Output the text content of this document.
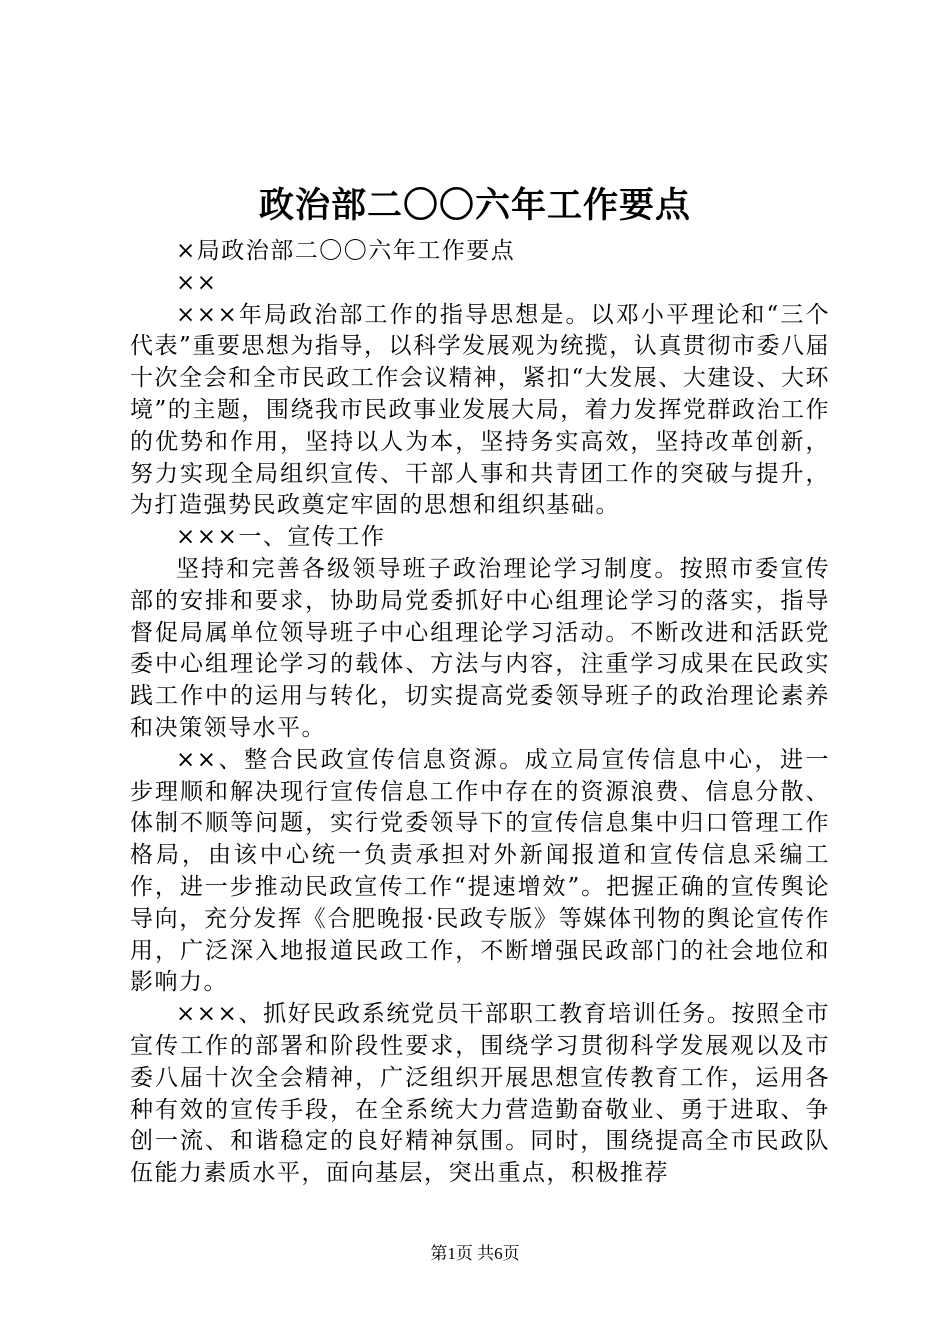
政治部二〇〇六年工作要点

×局政治部二〇〇六年工作要点

××

×××年局政治部工作的指导思想是。以邓小平理论和“三个代表”重要思想为指导，以科学发展观为统揽，认真贯彻市委八届十次全会和全市民政工作会议精神，紧扣“大发展、大建设、大环境”的主题，围绕我市民政事业发展大局，着力发挥党群政治工作的优势和作用，坚持以人为本，坚持务实高效，坚持改革创新，努力实现全局组织宣传、干部人事和共青团工作的突破与提升，为打造强势民政奠定牢固的思想和组织基础。

×××一、宣传工作

坚持和完善各级领导班子政治理论学习制度。按照市委宣传部的安排和要求，协助局党委抓好中心组理论学习的落实，指导督促局属单位领导班子中心组理论学习活动。不断改进和活跃党委中心组理论学习的载体、方法与内容，注重学习成果在民政实践工作中的运用与转化，切实提高党委领导班子的政治理论素养和决策领导水平。

××、整合民政宣传信息资源。成立局宣传信息中心，进一步理顺和解决现行宣传信息工作中存在的资源浪费、信息分散、体制不顺等问题，实行党委领导下的宣传信息集中归口管理工作格局，由该中心统一负责承担对外新闻报道和宣传信息采编工作，进一步推动民政宣传工作“提速增效”。把握正确的宣传舆论导向，充分发挥《合肥晚报·民政专版》等媒体刊物的舆论宣传作用，广泛深入地报道民政工作，不断增强民政部门的社会地位和影响力。

×××、抓好民政系统党员干部职工教育培训任务。按照全市宣传工作的部署和阶段性要求，围绕学习贯彻科学发展观以及市委八届十次全会精神，广泛组织开展思想宣传教育工作，运用各种有效的宣传手段，在全系统大力营造勤奋敬业、勇于进取、争创一流、和谐稳定的良好精神氛围。同时，围绕提高全市民政队伍能力素质水平，面向基层，突出重点，积极推荐

第1页 共6页
